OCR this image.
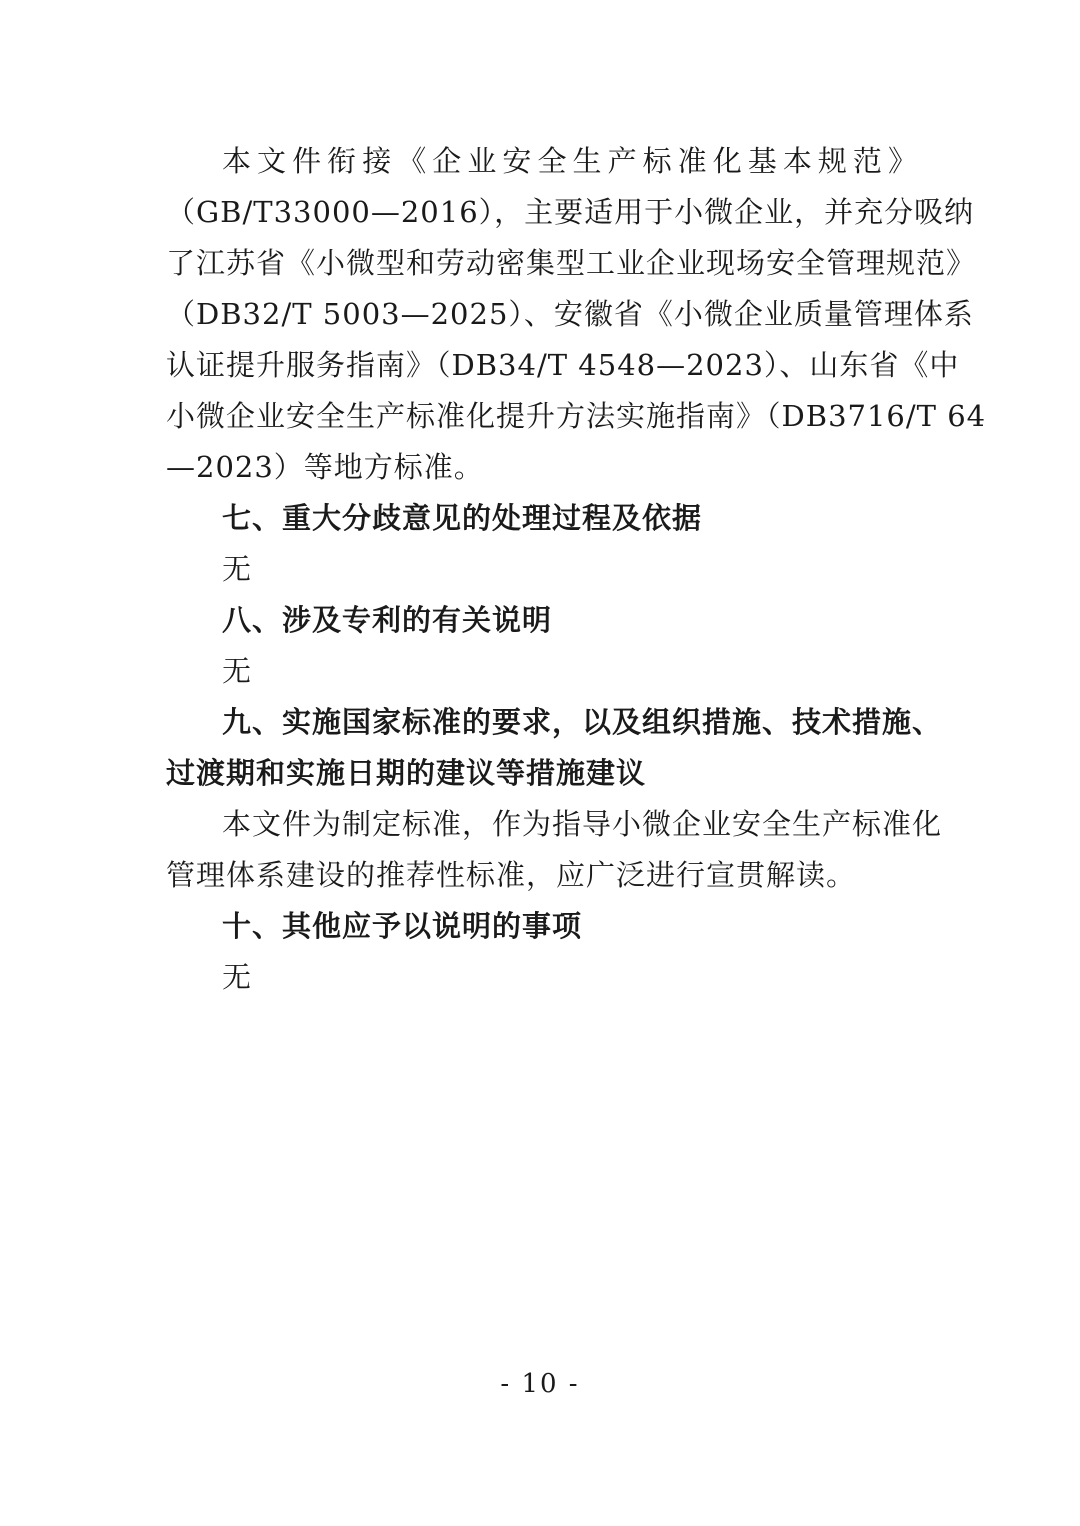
本文件衔接《企业安全生产标准化基本规范》
（GB/T33000—2016），主要适用于小微企业，并充分吸纳
了江苏省《小微型和劳动密集型工业企业现场安全管理规范》
（DB32/T 5003—2025）、安徽省《小微企业质量管理体系
认证提升服务指南》（DB34/T 4548—2023）、山东省《中
小微企业安全生产标准化提升方法实施指南》（DB3716/T 64
—2023）等地方标准。
七、重大分歧意见的处理过程及依据
无
八、涉及专利的有关说明
无
九、实施国家标准的要求，以及组织措施、技术措施、
过渡期和实施日期的建议等措施建议
本文件为制定标准，作为指导小微企业安全生产标准化
管理体系建设的推荐性标准，应广泛进行宣贯解读。
十、其他应予以说明的事项
无
- 10 -
